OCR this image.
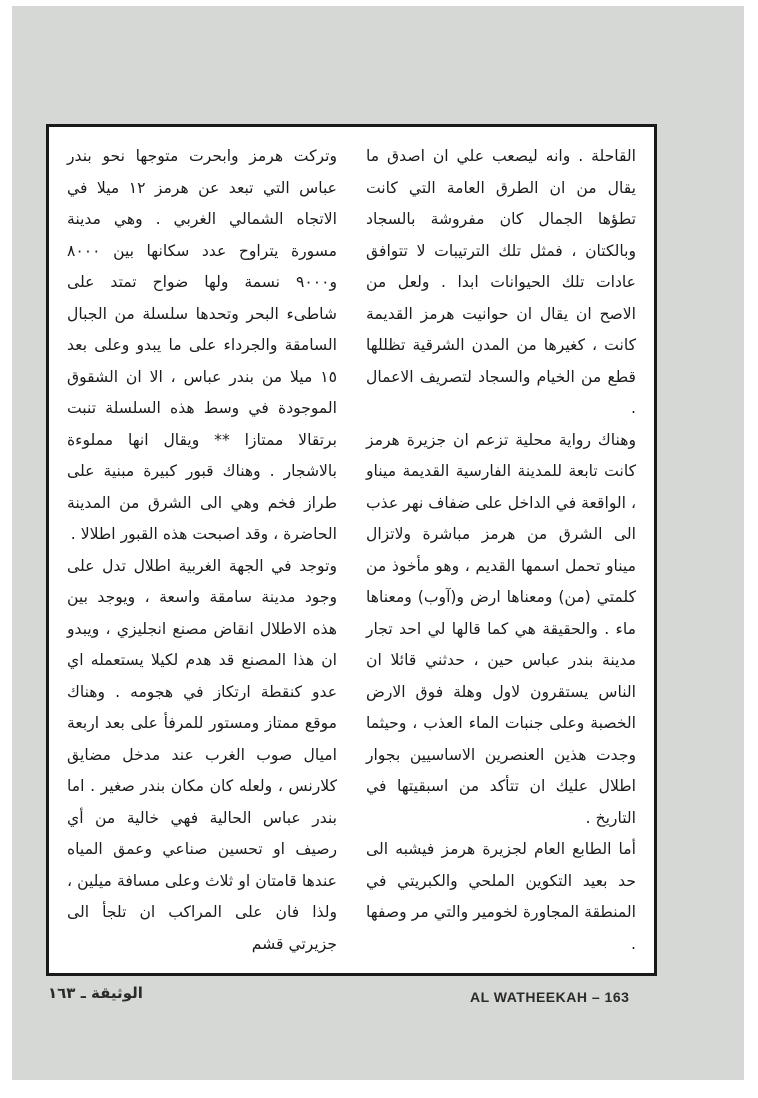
القاحلة . وانه ليصعب علي ان اصدق ما يقال من ان الطرق العامة التي كانت تطؤها الجمال كان مفروشة بالسجاد وبالكتان ، فمثل تلك الترتيبات لا تتوافق عادات تلك الحيوانات ابدا . ولعل من الاصح ان يقال ان حوانيت هرمز القديمة كانت ، كغيرها من المدن الشرقية تظللها قطع من الخيام والسجاد لتصريف الاعمال .

وهناك رواية محلية تزعم ان جزيرة هرمز كانت تابعة للمدينة الفارسية القديمة ميناو ، الواقعة في الداخل على ضفاف نهر عذب الى الشرق من هرمز مباشرة ولاتزال ميناو تحمل اسمها القديم ، وهو مأخوذ من كلمتي (من) ومعناها ارض و(آوب) ومعناها ماء . والحقيقة هي كما قالها لي احد تجار مدينة بندر عباس حين ، حدثني قائلا ان الناس يستقرون لاول وهلة فوق الارض الخصبة وعلى جنبات الماء العذب ، وحيثما وجدت هذين العنصرين الاساسيين بجوار اطلال عليك ان تتأكد من اسبقيتها في التاريخ .

أما الطابع العام لجزيرة هرمز فيشبه الى حد بعيد التكوين الملحي والكبريتي في المنطقة المجاورة لخومير والتي مر وصفها .

وتركت هرمز وابحرت متوجها نحو بندر عباس التي تبعد عن هرمز ١٢ ميلا في الاتجاه الشمالي الغربي . وهي مدينة مسورة يتراوح عدد سكانها بين ٨٠٠٠ و٩٠٠٠ نسمة ولها ضواح تمتد على شاطىء البحر وتحدها سلسلة من الجبال السامقة والجرداء على ما يبدو وعلى بعد ١٥ ميلا من بندر عباس ، الا ان الشقوق الموجودة في وسط هذه السلسلة تنبت برتقالا ممتازا ** ويقال انها مملوءة بالاشجار . وهناك قبور كبيرة مبنية على طراز فخم وهي الى الشرق من المدينة الحاضرة ، وقد اصبحت هذه القبور اطلالا .

وتوجد في الجهة الغربية اطلال تدل على وجود مدينة سامقة واسعة ، ويوجد بين هذه الاطلال انقاض مصنع انجليزي ، ويبدو ان هذا المصنع قد هدم لكيلا يستعمله اي عدو كنقطة ارتكاز في هجومه . وهناك موقع ممتاز ومستور للمرفأ على بعد اربعة اميال صوب الغرب عند مدخل مضايق كلارنس ، ولعله كان مكان بندر صغير . اما بندر عباس الحالية فهي خالية من أي رصيف او تحسين صناعي وعمق المياه عندها قامتان او ثلاث وعلى مسافة ميلين ، ولذا فان على المراكب ان تلجأ الى جزيرتي قشم

AL WATHEEKAH – 163
الوثيقة ـ ١٦٣
